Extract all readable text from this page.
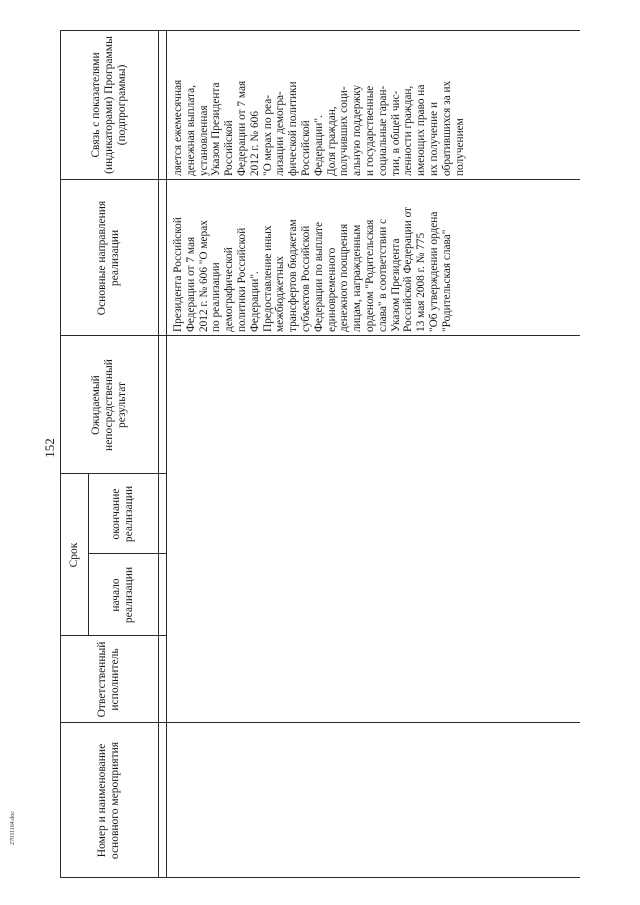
152
Номер и наименование основного мероприятия
Ответственный исполнитель
Срок
начало реализации
окончание реализации
Ожидаемый непосредственный результат
Основные направления реализации
Связь с показателями (индикаторами) Программы (подпрограммы)
Президента Российской
Федерации от 7 мая
2012 г. № 606 "О мерах
по реализации
демографической
политики Российской
Федерации".
Предоставление иных
межбюджетных
трансфертов бюджетам
субъектов Российской
Федерации по выплате
единовременного
денежного поощрения
лицам, награжденным
орденом "Родительская
слава" в соответствии с
Указом Президента
Российской Федерации от
13 мая 2008 г. № 775
"Об утверждении ордена
"Родительская слава"
ляется ежемесячная
денежная выплата,
установленная
Указом Президента
Российской
Федерации от 7 мая
2012 г. № 606
"О мерах по реа-
лизации демогра-
фической политики
Российской
Федерации".
Доля граждан,
получивших соци-
альную поддержку
и государственные
социальные гаран-
тии, в общей чис-
ленности граждан,
имеющих право на
их получение и
обратившихся за их
получением
27031164.doc
